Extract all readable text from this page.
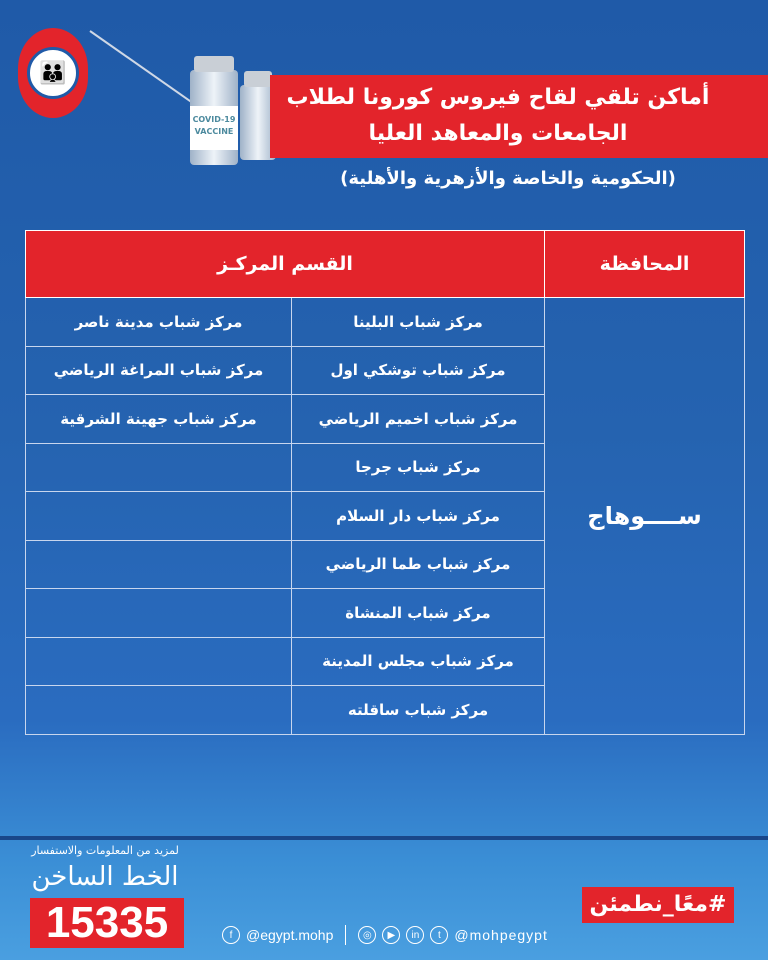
👪
COVID-19 VACCINE
أماكن تلقي لقاح فيروس كورونا لطلاب
الجامعات والمعاهد العليا
(الحكومية والخاصة والأزهرية والأهلية)
المحافظة	القسم المركـز	
ســــوهاج	مركز شباب البلينا	مركز شباب مدينة ناصر
	مركز شباب توشكي اول	مركز شباب المراغة الرياضي
	مركز شباب اخميم الرياضي	مركز شباب جهينة الشرقية
	مركز شباب جرجا	
	مركز شباب دار السلام	
	مركز شباب طما الرياضي	
	مركز شباب المنشاة	
	مركز شباب مجلس المدينة	
	مركز شباب ساقلته	
لمزيد من المعلومات والاستفسار
الخط الساخن
15335	#معًا_نطمئن
f @egypt.mohp	◎	▶	in	t @mohpegypt
